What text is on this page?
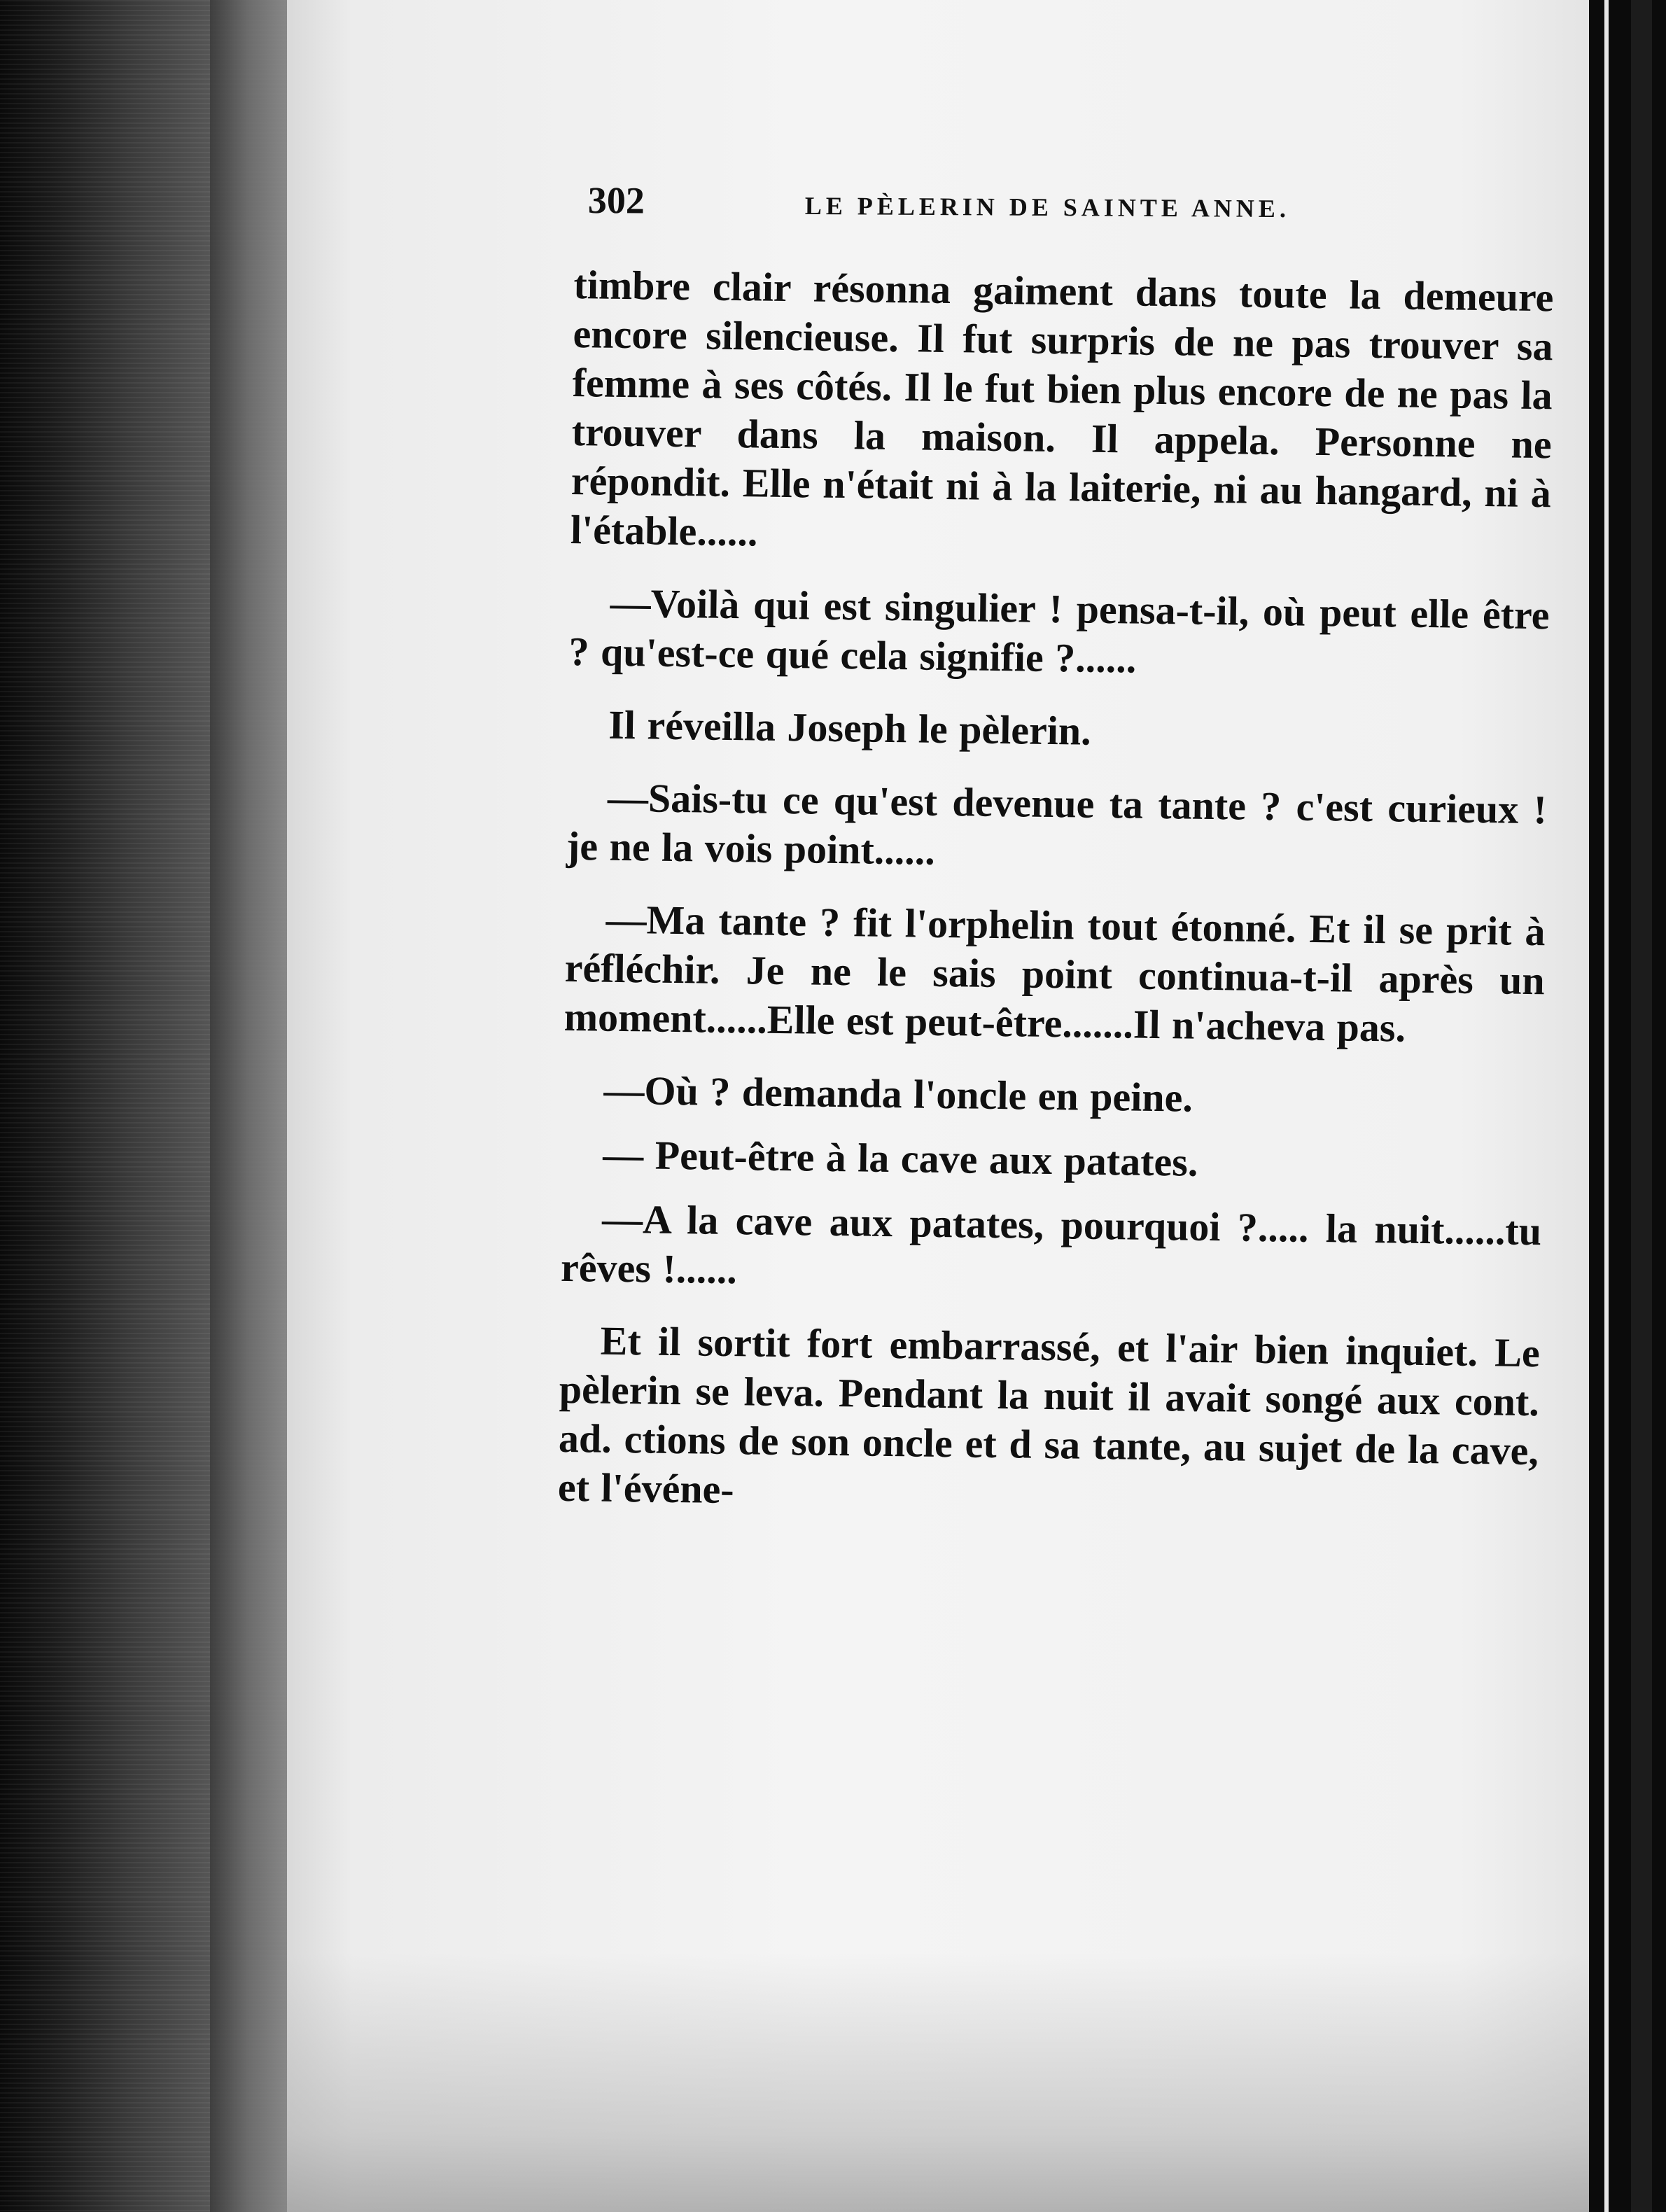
302	LE PÈLERIN DE SAINTE ANNE.

timbre clair résonna gaiment dans toute la demeure encore silencieuse. Il fut surpris de ne pas trouver sa femme à ses côtés. Il le fut bien plus encore de ne pas la trouver dans la maison. Il appela. Personne ne répondit. Elle n'était ni à la laiterie, ni au hangard, ni à l'étable......

—Voilà qui est singulier ! pensa-t-il, où peut elle être ? qu'est-ce qué cela signifie ?......

Il réveilla Joseph le pèlerin.

—Sais-tu ce qu'est devenue ta tante ? c'est curieux ! je ne la vois point......

—Ma tante ? fit l'orphelin tout étonné. Et il se prit à réfléchir. Je ne le sais point continua-t-il après un moment......Elle est peut-être.......Il n'acheva pas.

—Où ? demanda l'oncle en peine.

— Peut-être à la cave aux patates.

—A la cave aux patates, pourquoi ?..... la nuit......tu rêves !......

Et il sortit fort embarrassé, et l'air bien inquiet. Le pèlerin se leva. Pendant la nuit il avait songé aux cont. ad. ctions de son oncle et d sa tante, au sujet de la cave, et l'événe-
